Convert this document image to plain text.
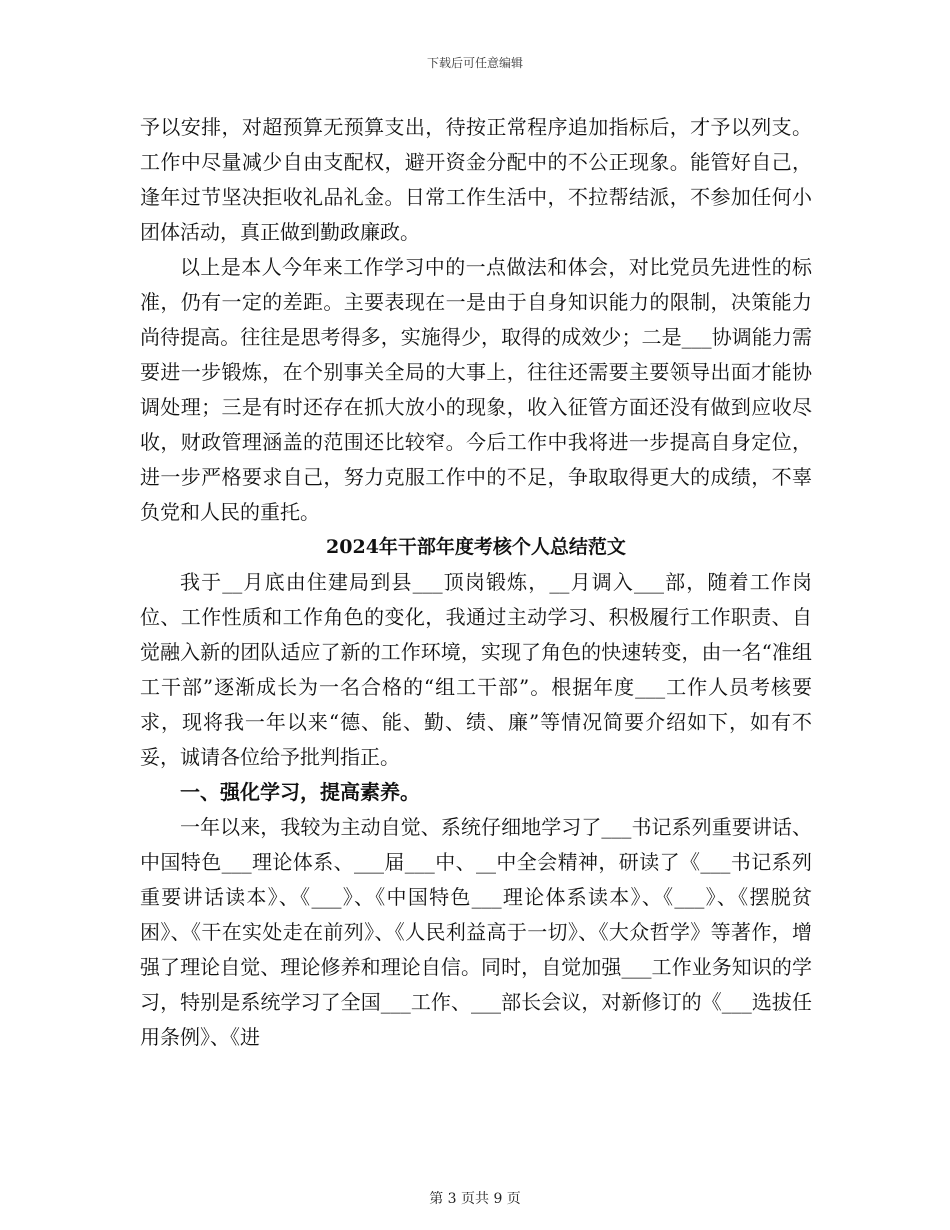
下载后可任意编辑

予以安排，对超预算无预算支出，待按正常程序追加指标后，才予以列支。工作中尽量减少自由支配权，避开资金分配中的不公正现象。能管好自己，逢年过节坚决拒收礼品礼金。日常工作生活中，不拉帮结派，不参加任何小团体活动，真正做到勤政廉政。

以上是本人今年来工作学习中的一点做法和体会，对比党员先进性的标准，仍有一定的差距。主要表现在一是由于自身知识能力的限制，决策能力尚待提高。往往是思考得多，实施得少，取得的成效少；二是___协调能力需要进一步锻炼，在个别事关全局的大事上，往往还需要主要领导出面才能协调处理；三是有时还存在抓大放小的现象，收入征管方面还没有做到应收尽收，财政管理涵盖的范围还比较窄。今后工作中我将进一步提高自身定位，进一步严格要求自己，努力克服工作中的不足，争取取得更大的成绩，不辜负党和人民的重托。

2024年干部年度考核个人总结范文

我于__月底由住建局到县___顶岗锻炼，__月调入___部，随着工作岗位、工作性质和工作角色的变化，我通过主动学习、积极履行工作职责、自觉融入新的团队适应了新的工作环境，实现了角色的快速转变，由一名“准组工干部”逐渐成长为一名合格的“组工干部”。根据年度___工作人员考核要求，现将我一年以来“德、能、勤、绩、廉”等情况简要介绍如下，如有不妥，诚请各位给予批判指正。

一、强化学习，提高素养。

一年以来，我较为主动自觉、系统仔细地学习了___书记系列重要讲话、中国特色___理论体系、___届___中、__中全会精神，研读了《___书记系列重要讲话读本》、《___》、《中国特色___理论体系读本》、《___》、《摆脱贫困》、《干在实处走在前列》、《人民利益高于一切》、《大众哲学》等著作，增强了理论自觉、理论修养和理论自信。同时，自觉加强___工作业务知识的学习，特别是系统学习了全国___工作、___部长会议，对新修订的《___选拔任用条例》、《进

第 3 页共 9 页
